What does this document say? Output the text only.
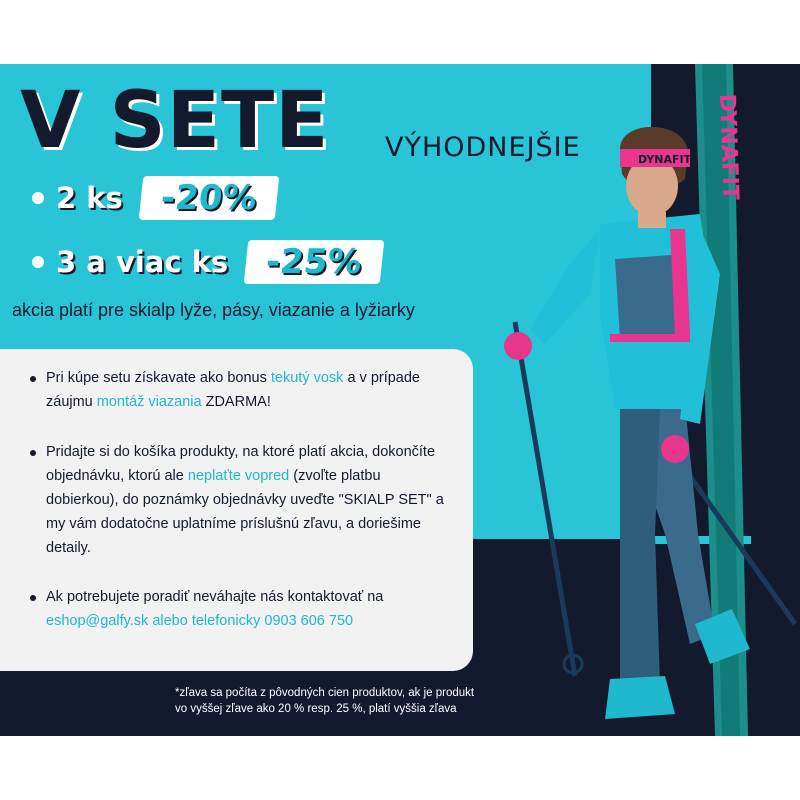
V SETE VÝHODNEJŠIE
2 ks	-20%
3 a viac ks	-25%
akcia platí pre skialp lyže, pásy, viazanie a lyžiarky
Pri kúpe setu získavate ako bonus tekutý vosk a v prípade záujmu montáž viazania ZDARMA!
Pridajte si do košíka produkty, na ktoré platí akcia, dokončíte objednávku, ktorú ale neplaťte vopred (zvoľte platbu dobierkou), do poznámky objednávky uveďte "SKIALP SET" a my vám dodatočne uplatníme príslušnú zľavu, a doriešime detaily.
Ak potrebujete poradiť neváhajte nás kontaktovať na eshop@galfy.sk alebo telefonicky 0903 606 750
*zľava sa počíta z pôvodných cien produktov, ak je produkt
vo vyššej zľave ako 20 % resp. 25 %, platí vyššia zľava
DYNAFIT
DYNAFIT
